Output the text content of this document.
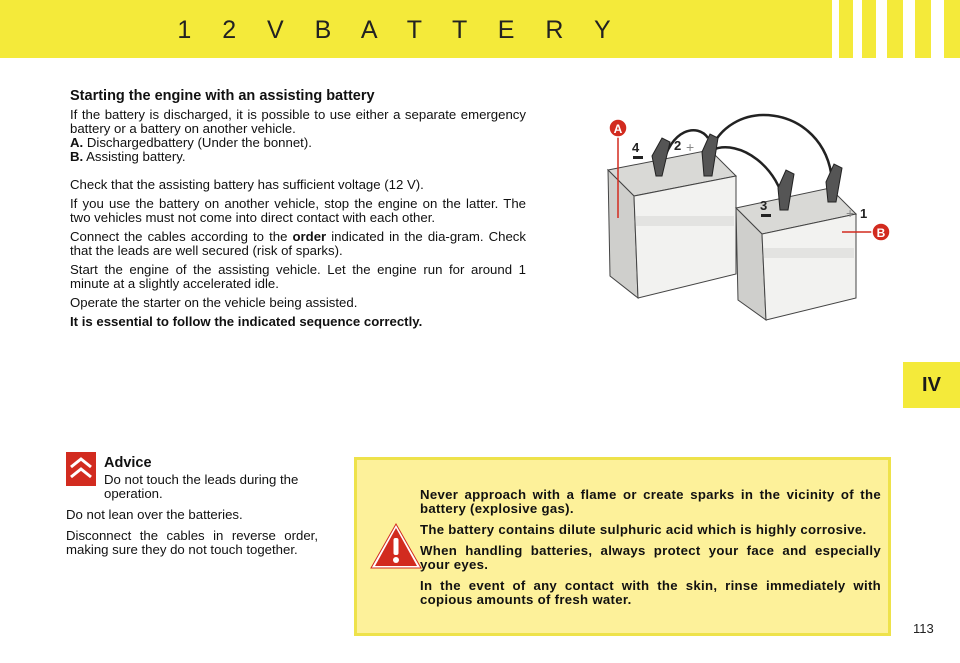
1 2 V B A T T E R Y
IV
Starting the engine with an assisting battery

If the battery is discharged, it is possible to use either a separate emergency battery or a battery on another vehicle.
A. Dischargedbattery (Under the bonnet).
B. Assisting battery.

Check that the assisting battery has sufficient voltage (12 V).

If you use the battery on another vehicle, stop the engine on the latter. The two vehicles must not come into direct contact with each other.

Connect the cables according to the order indicated in the dia-gram. Check that the leads are well secured (risk of sparks).

Start the engine of the assisting vehicle. Let the engine run for around 1 minute at a slightly accelerated idle.

Operate the starter on the vehicle being assisted.

It is essential to follow the indicated sequence correctly.

A
B
4	2 +
3	+ 1
Advice

Do not touch the leads during the operation.

Do not lean over the batteries.

Disconnect the cables in reverse order, making sure they do not touch together.

Never approach with a flame or create sparks in the vicinity of the battery (explosive gas).

The battery contains dilute sulphuric acid which is highly corrosive.

When handling batteries, always protect your face and especially your eyes.

In the event of any contact with the skin, rinse immediately with copious amounts of fresh water.

113
